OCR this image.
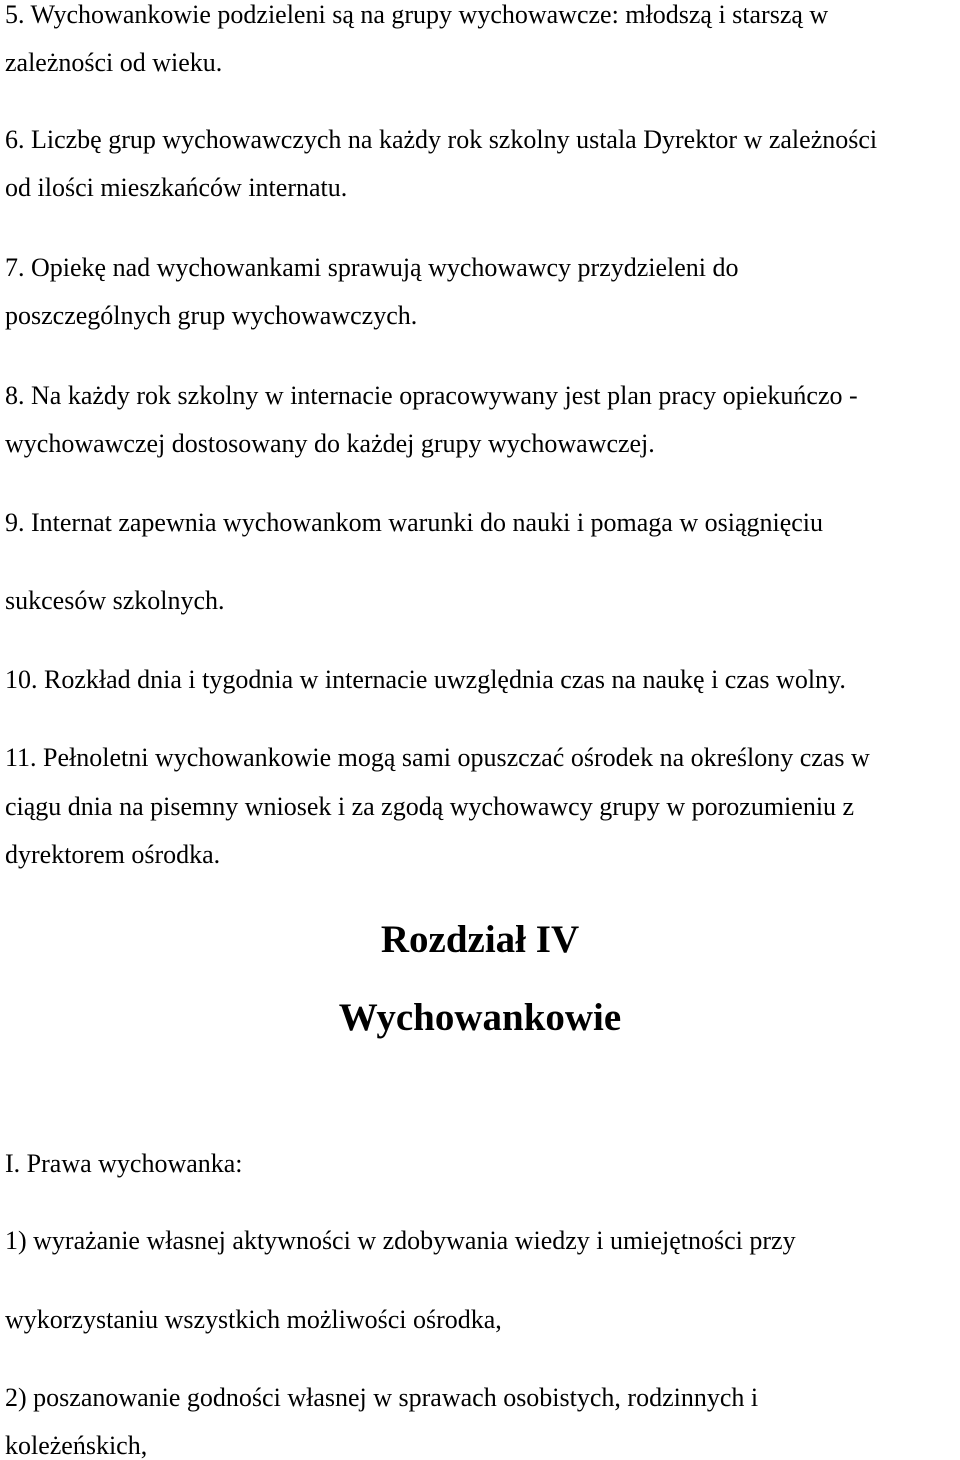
5. Wychowankowie podzieleni są na grupy wychowawcze: młodszą i starszą w

zależności od wieku.

6. Liczbę grup wychowawczych na każdy rok szkolny ustala Dyrektor w zależności

od ilości mieszkańców internatu.

7. Opiekę nad wychowankami sprawują wychowawcy przydzieleni do

poszczególnych grup wychowawczych.

8. Na każdy rok szkolny w internacie opracowywany jest plan pracy opiekuńczo -

wychowawczej dostosowany do każdej grupy wychowawczej.

9. Internat zapewnia wychowankom warunki do nauki i pomaga w osiągnięciu

sukcesów szkolnych.

10. Rozkład dnia i tygodnia w internacie uwzględnia czas na naukę i czas wolny.

11. Pełnoletni wychowankowie mogą sami opuszczać ośrodek na określony czas w

ciągu dnia na pisemny wniosek i za zgodą wychowawcy grupy w porozumieniu z

dyrektorem ośrodka.

Rozdział IV
Wychowankowie

I. Prawa wychowanka:

1) wyrażanie własnej aktywności w zdobywania wiedzy i umiejętności przy

wykorzystaniu wszystkich możliwości ośrodka,

2) poszanowanie godności własnej w sprawach osobistych, rodzinnych i

koleżeńskich,
